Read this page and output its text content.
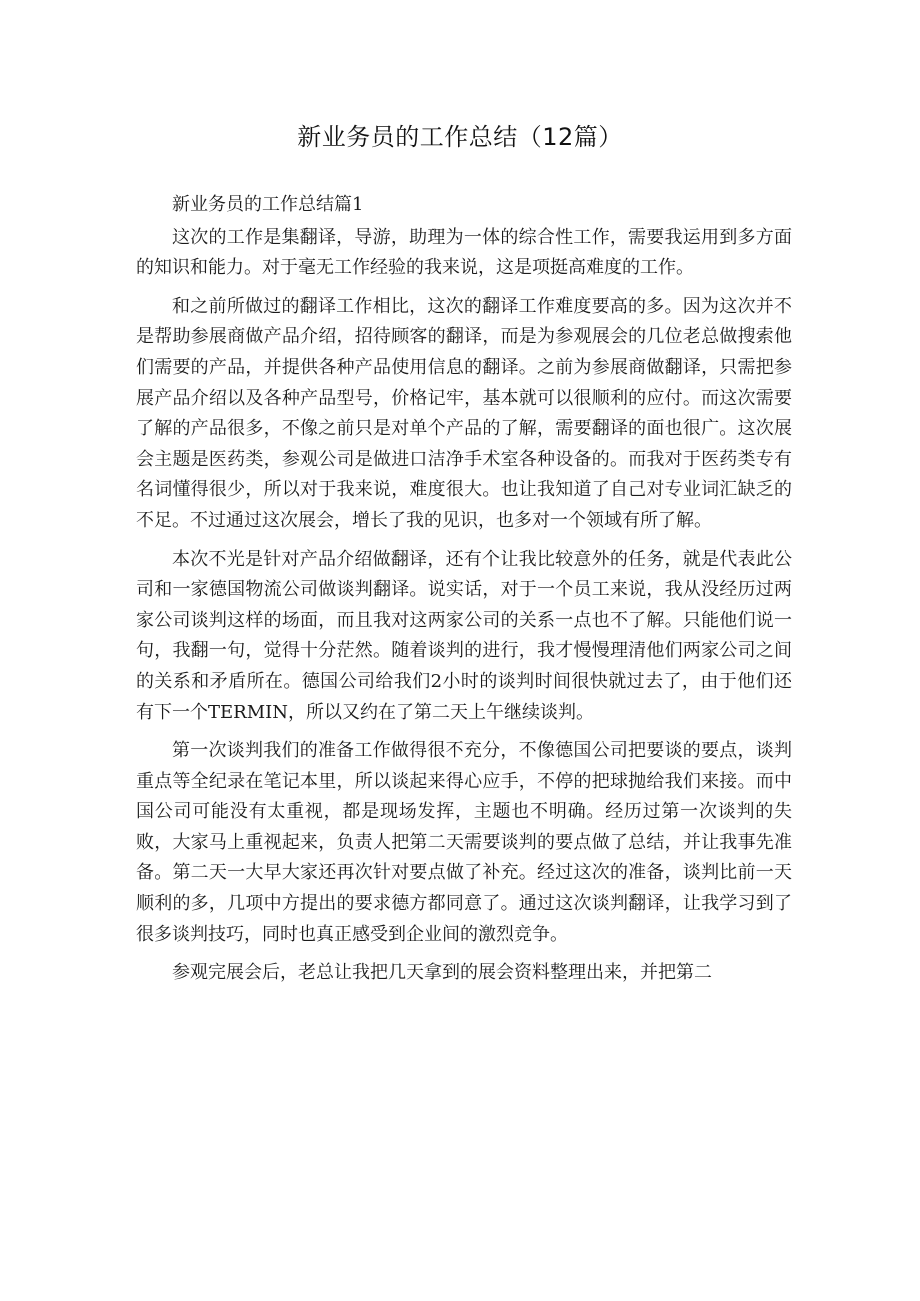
新业务员的工作总结（12篇）

新业务员的工作总结篇1

这次的工作是集翻译，导游，助理为一体的综合性工作，需要我运用到多方面的知识和能力。对于毫无工作经验的我来说，这是项挺高难度的工作。

和之前所做过的翻译工作相比，这次的翻译工作难度要高的多。因为这次并不是帮助参展商做产品介绍，招待顾客的翻译，而是为参观展会的几位老总做搜索他们需要的产品，并提供各种产品使用信息的翻译。之前为参展商做翻译，只需把参展产品介绍以及各种产品型号，价格记牢，基本就可以很顺利的应付。而这次需要了解的产品很多，不像之前只是对单个产品的了解，需要翻译的面也很广。这次展会主题是医药类，参观公司是做进口洁净手术室各种设备的。而我对于医药类专有名词懂得很少，所以对于我来说，难度很大。也让我知道了自己对专业词汇缺乏的不足。不过通过这次展会，增长了我的见识，也多对一个领域有所了解。

本次不光是针对产品介绍做翻译，还有个让我比较意外的任务，就是代表此公司和一家德国物流公司做谈判翻译。说实话，对于一个员工来说，我从没经历过两家公司谈判这样的场面，而且我对这两家公司的关系一点也不了解。只能他们说一句，我翻一句，觉得十分茫然。随着谈判的进行，我才慢慢理清他们两家公司之间的关系和矛盾所在。德国公司给我们2小时的谈判时间很快就过去了，由于他们还有下一个TERMIN，所以又约在了第二天上午继续谈判。

第一次谈判我们的准备工作做得很不充分，不像德国公司把要谈的要点，谈判重点等全纪录在笔记本里，所以谈起来得心应手，不停的把球抛给我们来接。而中国公司可能没有太重视，都是现场发挥，主题也不明确。经历过第一次谈判的失败，大家马上重视起来，负责人把第二天需要谈判的要点做了总结，并让我事先准备。第二天一大早大家还再次针对要点做了补充。经过这次的准备，谈判比前一天顺利的多，几项中方提出的要求德方都同意了。通过这次谈判翻译，让我学习到了很多谈判技巧，同时也真正感受到企业间的激烈竞争。

参观完展会后，老总让我把几天拿到的展会资料整理出来，并把第二
